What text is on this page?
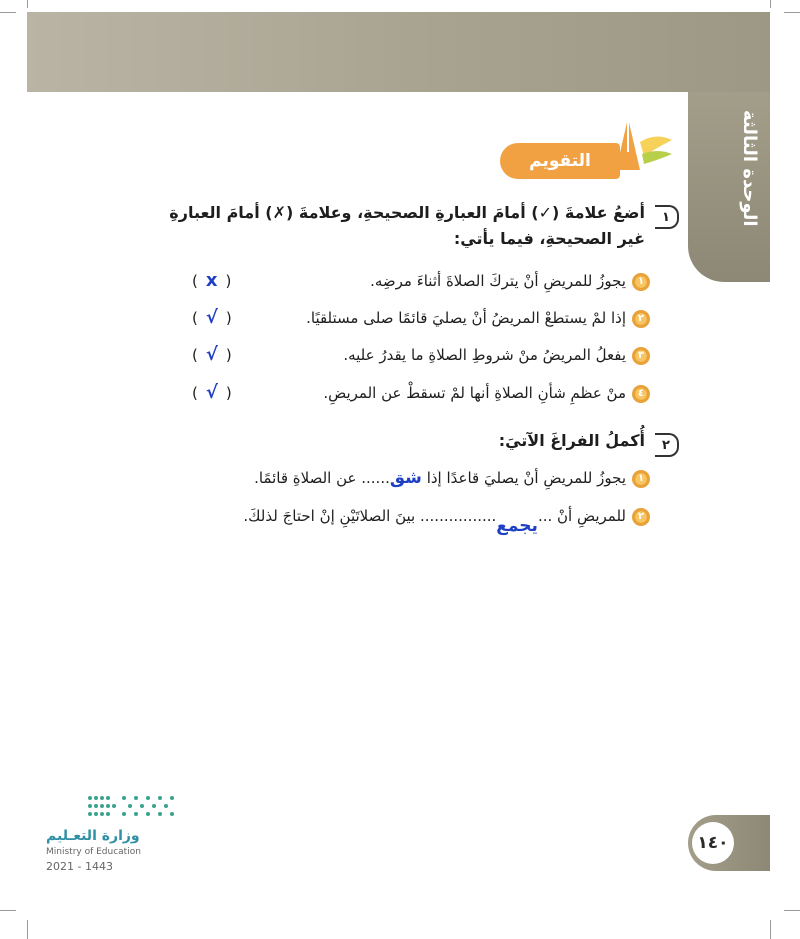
الوحدة الثالثة
التقويم
١
أضعُ علامةَ (✓) أمامَ العبارةِ الصحيحةِ، وعلامةَ (✗) أمامَ العبارةِ غير الصحيحةِ، فيما يأتي:
١يجوزُ للمريضِ أنْ يتركَ الصلاةَ أثناءَ مرضِه.
( x )
٢إذا لمْ يستطعْ المريضُ أنْ يصليَ قائمًا صلى مستلقيًا.
( √ )
٣يفعلُ المريضُ منْ شروطِ الصلاةِ ما يقدرُ عليه.
( √ )
٤منْ عظمِ شأنِ الصلاةِ أنها لمْ تسقطْ عن المريضِ.
( √ )
٢
أُكملُ الفراغَ الآتيَ:
١يجوزُ للمريضِ أنْ يصليَ قاعدًا إذا شق...... عن الصلاةِ قائمًا.
٢للمريضِ أنْ ...يجمع................ بينَ الصلاتَيْنِ إنْ احتاجَ لذلكَ.
١٤٠
وزارة التعـليم
Ministry of Education
2021 - 1443
